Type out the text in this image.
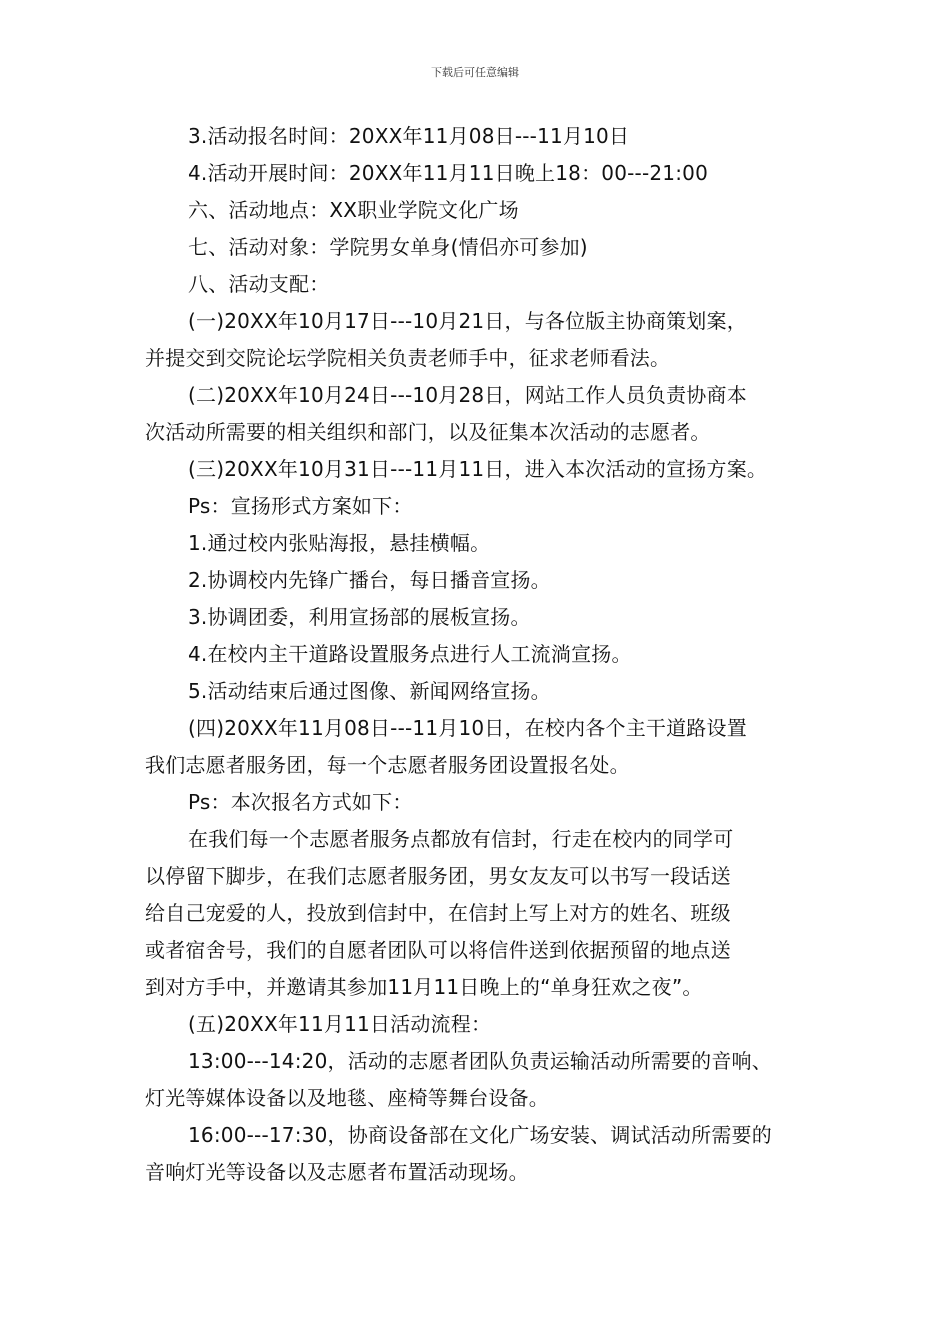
下载后可任意编辑

3.活动报名时间：20XX年11月08日---11月10日

4.活动开展时间：20XX年11月11日晚上18：00---21:00

六、活动地点：XX职业学院文化广场

七、活动对象：学院男女单身(情侣亦可参加)

八、活动支配：

(一)20XX年10月17日---10月21日，与各位版主协商策划案，

并提交到交院论坛学院相关负责老师手中，征求老师看法。

(二)20XX年10月24日---10月28日，网站工作人员负责协商本

次活动所需要的相关组织和部门，以及征集本次活动的志愿者。

(三)20XX年10月31日---11月11日，进入本次活动的宣扬方案。

Ps：宣扬形式方案如下：

1.通过校内张贴海报，悬挂横幅。

2.协调校内先锋广播台，每日播音宣扬。

3.协调团委，利用宣扬部的展板宣扬。

4.在校内主干道路设置服务点进行人工流淌宣扬。

5.活动结束后通过图像、新闻网络宣扬。

(四)20XX年11月08日---11月10日，在校内各个主干道路设置

我们志愿者服务团，每一个志愿者服务团设置报名处。

Ps：本次报名方式如下：

在我们每一个志愿者服务点都放有信封，行走在校内的同学可

以停留下脚步，在我们志愿者服务团，男女友友可以书写一段话送

给自己宠爱的人，投放到信封中，在信封上写上对方的姓名、班级

或者宿舍号，我们的自愿者团队可以将信件送到依据预留的地点送

到对方手中，并邀请其参加11月11日晚上的“单身狂欢之夜”。

(五)20XX年11月11日活动流程：

13:00---14:20，活动的志愿者团队负责运输活动所需要的音响、

灯光等媒体设备以及地毯、座椅等舞台设备。

16:00---17:30，协商设备部在文化广场安装、调试活动所需要的

音响灯光等设备以及志愿者布置活动现场。
